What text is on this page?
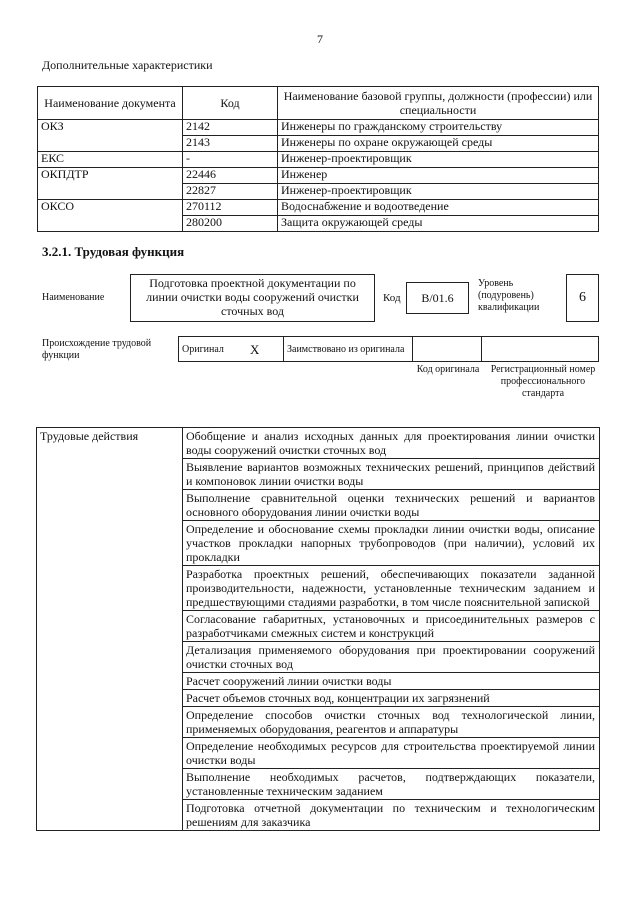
7
Дополнительные характеристики
Наименование документа	Код	Наименование базовой группы, должности (профессии) или специальности
ОКЗ	2142	Инженеры по гражданскому строительству
	2143	Инженеры по охране окружающей среды
ЕКС	-	Инженер-проектировщик
ОКПДТР	22446	Инженер
	22827	Инженер-проектировщик
ОКСО	270112	Водоснабжение и водоотведение
	280200	Защита окружающей среды
3.2.1. Трудовая функция
Наименование
Подготовка проектной документации по линии очистки воды сооружений очистки сточных вод
Код	B/01.6
Уровень (подуровень) квалификации
6
Происхождение трудовой функции
Оригинал	X	Заимствовано из оригинала		
Код оригинала Регистрационный номер профессионального стандарта
Трудовые действия	Обобщение и анализ исходных данных для проектирования линии очистки воды сооружений очистки сточных вод
Выявление вариантов возможных технических решений, принципов действий и компоновок линии очистки воды
Выполнение сравнительной оценки технических решений и вариантов основного оборудования линии очистки воды
Определение и обоснование схемы прокладки линии очистки воды, описание участков прокладки напорных трубопроводов (при наличии), условий их прокладки
Разработка проектных решений, обеспечивающих показатели заданной производительности, надежности, установленные техническим заданием и предшествующими стадиями разработки, в том числе пояснительной запиской
Согласование габаритных, установочных и присоединительных размеров с разработчиками смежных систем и конструкций
Детализация применяемого оборудования при проектировании сооружений очистки сточных вод
Расчет сооружений линии очистки воды
Расчет объемов сточных вод, концентрации их загрязнений
Определение способов очистки сточных вод технологической линии, применяемых оборудования, реагентов и аппаратуры
Определение необходимых ресурсов для строительства проектируемой линии очистки воды
Выполнение необходимых расчетов, подтверждающих показатели, установленные техническим заданием
Подготовка отчетной документации по техническим и технологическим решениям для заказчика
